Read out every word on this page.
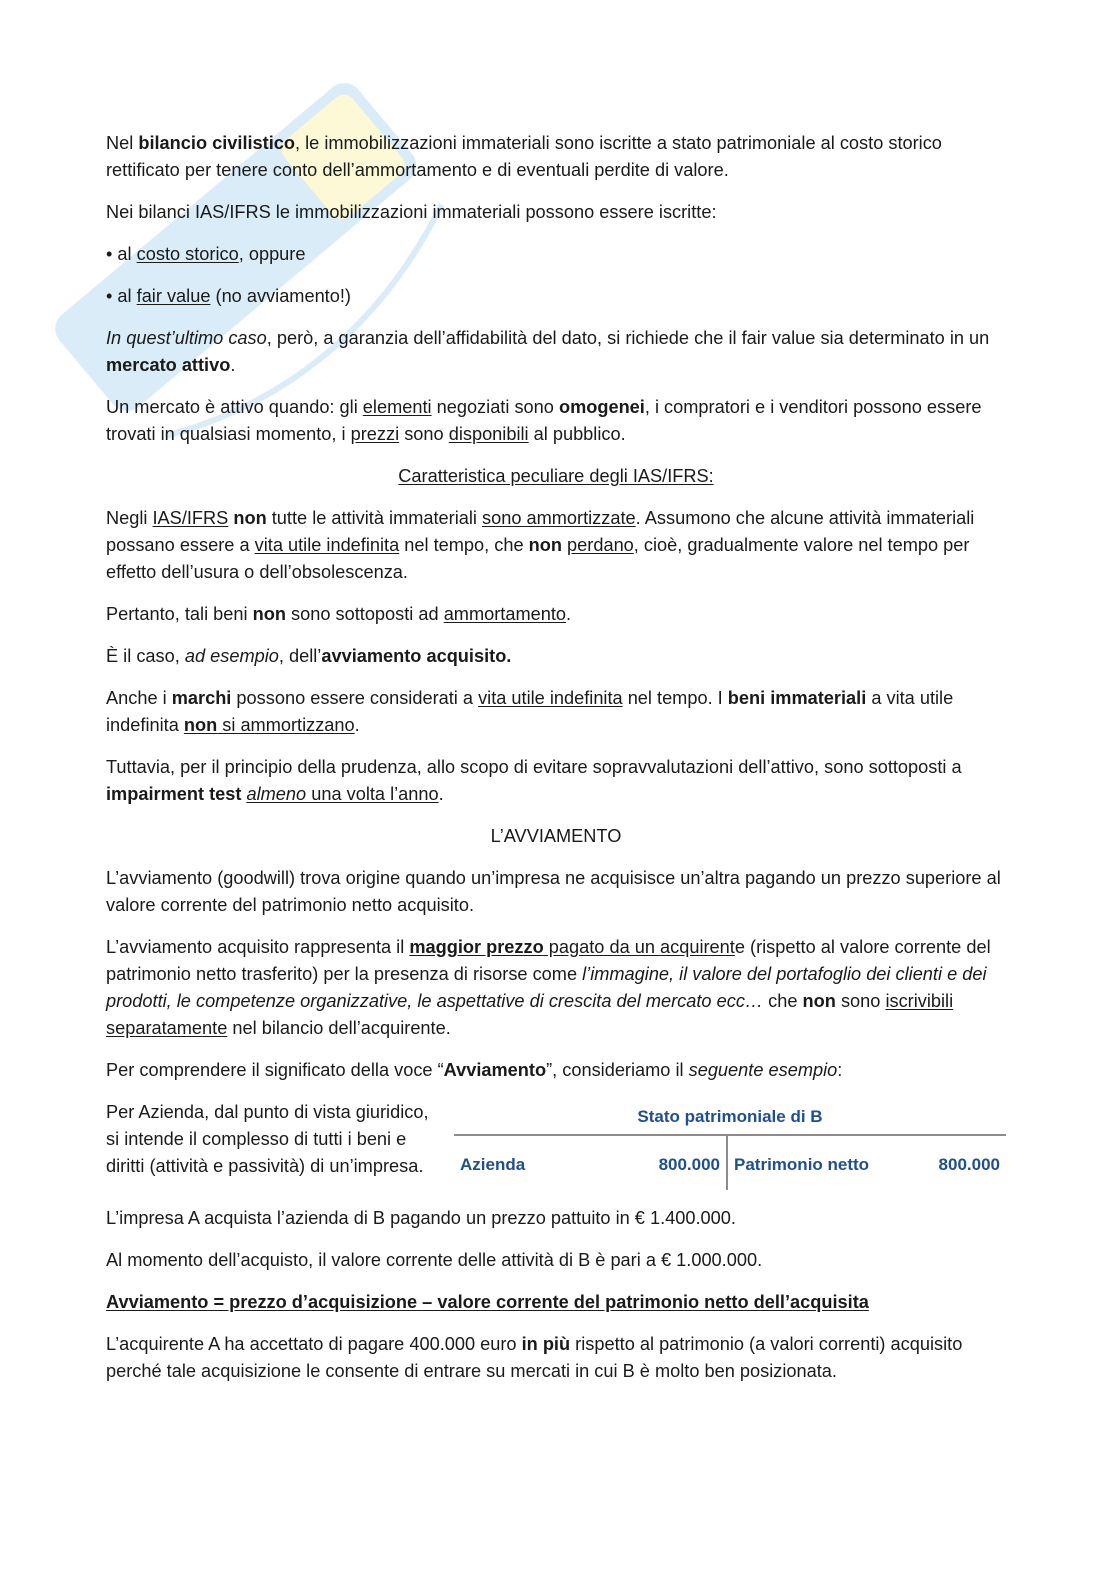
Nel bilancio civilistico, le immobilizzazioni immateriali sono iscritte a stato patrimoniale al costo storico rettificato per tenere conto dell’ammortamento e di eventuali perdite di valore.

Nei bilanci IAS/IFRS le immobilizzazioni immateriali possono essere iscritte:

• al costo storico, oppure

• al fair value (no avviamento!)

In quest’ultimo caso, però, a garanzia dell’affidabilità del dato, si richiede che il fair value sia determinato in un mercato attivo.

Un mercato è attivo quando: gli elementi negoziati sono omogenei, i compratori e i venditori possono essere trovati in qualsiasi momento, i prezzi sono disponibili al pubblico.

Caratteristica peculiare degli IAS/IFRS:

Negli IAS/IFRS non tutte le attività immateriali sono ammortizzate. Assumono che alcune attività immateriali possano essere a vita utile indefinita nel tempo, che non perdano, cioè, gradualmente valore nel tempo per effetto dell’usura o dell’obsolescenza.

Pertanto, tali beni non sono sottoposti ad ammortamento.

È il caso, ad esempio, dell’avviamento acquisito.

Anche i marchi possono essere considerati a vita utile indefinita nel tempo. I beni immateriali a vita utile indefinita non si ammortizzano.

Tuttavia, per il principio della prudenza, allo scopo di evitare sopravvalutazioni dell’attivo, sono sottoposti a impairment test almeno una volta l’anno.

L’AVVIAMENTO

L’avviamento (goodwill) trova origine quando un’impresa ne acquisisce un’altra pagando un prezzo superiore al valore corrente del patrimonio netto acquisito.

L’avviamento acquisito rappresenta il maggior prezzo pagato da un acquirente (rispetto al valore corrente del patrimonio netto trasferito) per la presenza di risorse come l’immagine, il valore del portafoglio dei clienti e dei prodotti, le competenze organizzative, le aspettative di crescita del mercato ecc… che non sono iscrivibili separatamente nel bilancio dell’acquirente.

Per comprendere il significato della voce “Avviamento”, consideriamo il seguente esempio:

Per Azienda, dal punto di vista giuridico, si intende il complesso di tutti i beni e diritti (attività e passività) di un’impresa.
Stato patrimoniale di B
Azienda	800.000 Patrimonio netto	800.000

L’impresa A acquista l’azienda di B pagando un prezzo pattuito in € 1.400.000.

Al momento dell’acquisto, il valore corrente delle attività di B è pari a € 1.000.000.

Avviamento = prezzo d’acquisizione – valore corrente del patrimonio netto dell’acquisita

L’acquirente A ha accettato di pagare 400.000 euro in più rispetto al patrimonio (a valori correnti) acquisito perché tale acquisizione le consente di entrare su mercati in cui B è molto ben posizionata.
